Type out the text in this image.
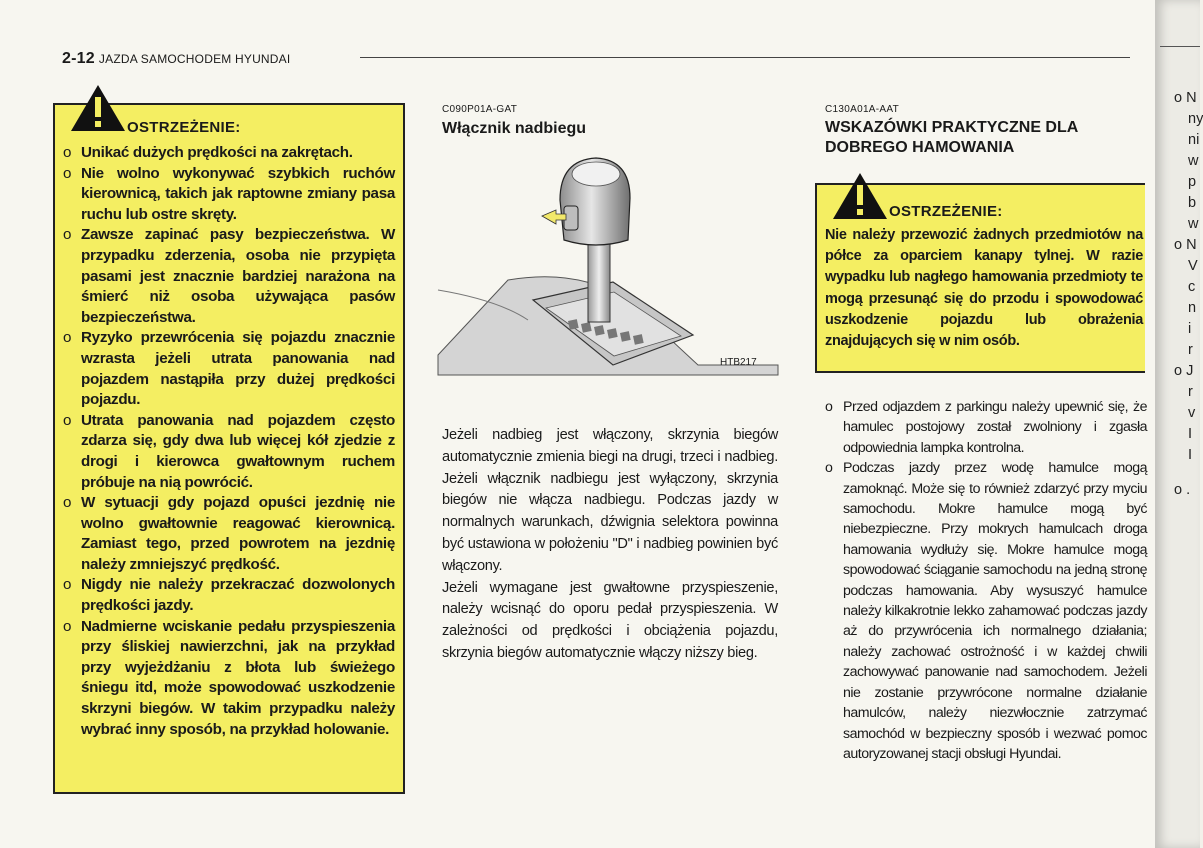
2-12 JAZDA SAMOCHODEM HYUNDAI
OSTRZEŻENIE:
o Unikać dużych prędkości na zakrętach.
o Nie wolno wykonywać szybkich ruchów kierownicą, takich jak raptowne zmiany pasa ruchu lub ostre skręty.
o Zawsze zapinać pasy bezpieczeństwa. W przypadku zderzenia, osoba nie przypięta pasami jest znacznie bardziej narażona na śmierć niż osoba używająca pasów bezpieczeństwa.
o Ryzyko przewrócenia się pojazdu znacznie wzrasta jeżeli utrata panowania nad pojazdem nastąpiła przy dużej prędkości pojazdu.
o Utrata panowania nad pojazdem często zdarza się, gdy dwa lub więcej kół zjedzie z drogi i kierowca gwałtownym ruchem próbuje na nią powrócić.
o W sytuacji gdy pojazd opuści jezdnię nie wolno gwałtownie reagować kierownicą. Zamiast tego, przed powrotem na jezdnię należy zmniejszyć prędkość.
o Nigdy nie należy przekraczać dozwolonych prędkości jazdy.
o Nadmierne wciskanie pedału przyspieszenia przy śliskiej nawierzchni, jak na przykład przy wyjeżdżaniu z błota lub świeżego śniegu itd, może spowodować uszkodzenie skrzyni biegów. W takim przypadku należy wybrać inny sposób, na przykład holowanie.
C090P01A-GAT
Włącznik nadbiegu
HTB217

Jeżeli nadbieg jest włączony, skrzynia biegów automatycznie zmienia biegi na drugi, trzeci i nadbieg. Jeżeli włącznik nadbiegu jest wyłączony, skrzynia biegów nie włącza nadbiegu. Podczas jazdy w normalnych warunkach, dźwignia selektora powinna być ustawiona w położeniu "D" i nadbieg powinien być włączony.

Jeżeli wymagane jest gwałtowne przyspieszenie, należy wcisnąć do oporu pedał przyspieszenia. W zależności od prędkości i obciążenia pojazdu, skrzynia biegów automatycznie włączy niższy bieg.

C130A01A-AAT
WSKAZÓWKI PRAKTYCZNE DLA
DOBREGO HAMOWANIA
OSTRZEŻENIE:
Nie należy przewozić żadnych przedmiotów na półce za oparciem kanapy tylnej. W razie wypadku lub nagłego hamowania przedmioty te mogą przesunąć się do przodu i spowodować uszkodzenie pojazdu lub obrażenia znajdujących się w nim osób.
o Przed odjazdem z parkingu należy upewnić się, że hamulec postojowy został zwolniony i zgasła odpowiednia lampka kontrolna.
o Podczas jazdy przez wodę hamulce mogą zamoknąć. Może się to również zdarzyć przy myciu samochodu. Mokre hamulce mogą być niebezpieczne. Przy mokrych hamulcach droga hamowania wydłuży się. Mokre hamulce mogą spowodować ściąganie samochodu na jedną stronę podczas hamowania. Aby wysuszyć hamulce należy kilkakrotnie lekko zahamować podczas jazdy aż do przywrócenia ich normalnego działania; należy zachować ostrożność i w każdej chwili zachowywać panowanie nad samochodem. Jeżeli nie zostanie przywrócone normalne działanie hamulców, należy niezwłocznie zatrzymać samochód w bezpieczny sposób i wezwać pomoc autoryzowanej stacji obsługi Hyundai.
o N
ny
ni
w
p
b
w
o N
V
c
n
i
r
o J
r
v
I
I
o .
